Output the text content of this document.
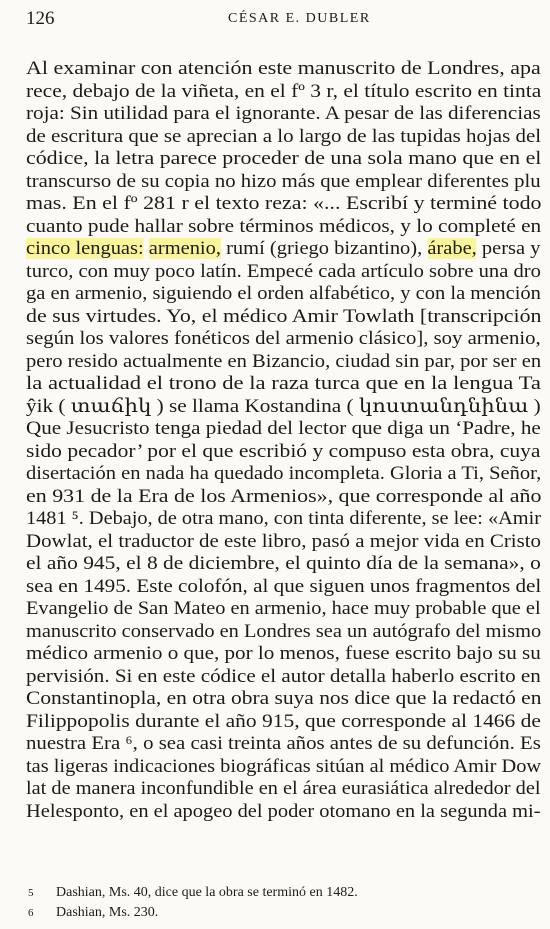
126	CÉSAR E. DUBLER
Al examinar con atención este manuscrito de Londres, apa
rece, debajo de la viñeta, en el fº 3 r, el título escrito en tinta
roja: Sin utilidad para el ignorante. A pesar de las diferencias
de escritura que se aprecian a lo largo de las tupidas hojas del
códice, la letra parece proceder de una sola mano que en el
transcurso de su copia no hizo más que emplear diferentes plu
mas. En el fº 281 r el texto reza: «... Escribí y terminé todo
cuanto pude hallar sobre términos médicos, y lo completé en
cinco lenguas: armenio, rumí (griego bizantino), árabe, persa y
turco, con muy poco latín. Empecé cada artículo sobre una dro
ga en armenio, siguiendo el orden alfabético, y con la mención
de sus virtudes. Yo, el médico Amir Towlath [transcripción
según los valores fonéticos del armenio clásico], soy armenio,
pero resido actualmente en Bizancio, ciudad sin par, por ser en
la actualidad el trono de la raza turca que en la lengua Ta
ŷik ( տաճիկ ) se llama Kostandina ( կոստանդնինա )
Que Jesucristo tenga piedad del lector que diga un ‘Padre, he
sido pecador’ por el que escribió y compuso esta obra, cuya
disertación en nada ha quedado incompleta. Gloria a Ti, Señor,
en 931 de la Era de los Armenios», que corresponde al año
1481 ⁵. Debajo, de otra mano, con tinta diferente, se lee: «Amir
Dowlat, el traductor de este libro, pasó a mejor vida en Cristo
el año 945, el 8 de diciembre, el quinto día de la semana», o
sea en 1495. Este colofón, al que siguen unos fragmentos del
Evangelio de San Mateo en armenio, hace muy probable que el
manuscrito conservado en Londres sea un autógrafo del mismo
médico armenio o que, por lo menos, fuese escrito bajo su su
pervisión. Si en este códice el autor detalla haberlo escrito en
Constantinopla, en otra obra suya nos dice que la redactó en
Filippopolis durante el año 915, que corresponde al 1466 de
nuestra Era ⁶, o sea casi treinta años antes de su defunción. Es
tas ligeras indicaciones biográficas sitúan al médico Amir Dow
lat de manera inconfundible en el área eurasiática alrededor del
Helesponto, en el apogeo del poder otomano en la segunda mi-
5 Dashian, Ms. 40, dice que la obra se terminó en 1482.
6 Dashian, Ms. 230.
